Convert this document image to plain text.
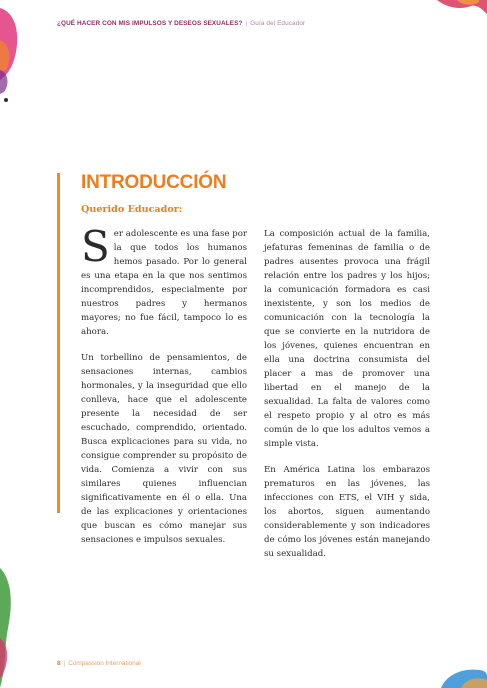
¿QUÉ HACER CON MIS IMPULSOS Y DESEOS SEXUALES? | Guía del Educador
INTRODUCCIÓN
Querido Educador:

Ser adolescente es una fase por la que todos los humanos hemos pasado. Por lo general es una etapa en la que nos sentimos incomprendidos, especialmente por nuestros padres y hermanos mayores; no fue fácil, tampoco lo es ahora.

Un torbellino de pensamientos, de sensaciones internas, cambios hormonales, y la inseguridad que ello conlleva, hace que el adolescente presente la necesidad de ser escuchado, comprendido, orientado. Busca explicaciones para su vida, no consigue comprender su propósito de vida. Comienza a vivir con sus similares quienes influencian significativamente en él o ella. Una de las explicaciones y orientaciones que buscan es cómo manejar sus sensaciones e impulsos sexuales.

La composición actual de la familia, jefaturas femeninas de familia o de padres ausentes provoca una frágil relación entre los padres y los hijos; la comunicación formadora es casi inexistente, y son los medios de comunicación con la tecnología la que se convierte en la nutridora de los jóvenes, quienes encuentran en ella una doctrina consumista del placer a mas de promover una libertad en el manejo de la sexualidad. La falta de valores como el respeto propio y al otro es más común de lo que los adultos vemos a simple vista.

En América Latina los embarazos prematuros en las jóvenes, las infecciones con ETS, el VIH y sida, los abortos, siguen aumentando considerablemente y son indicadores de cómo los jóvenes están manejando su sexualidad.

8 | Compassion International
